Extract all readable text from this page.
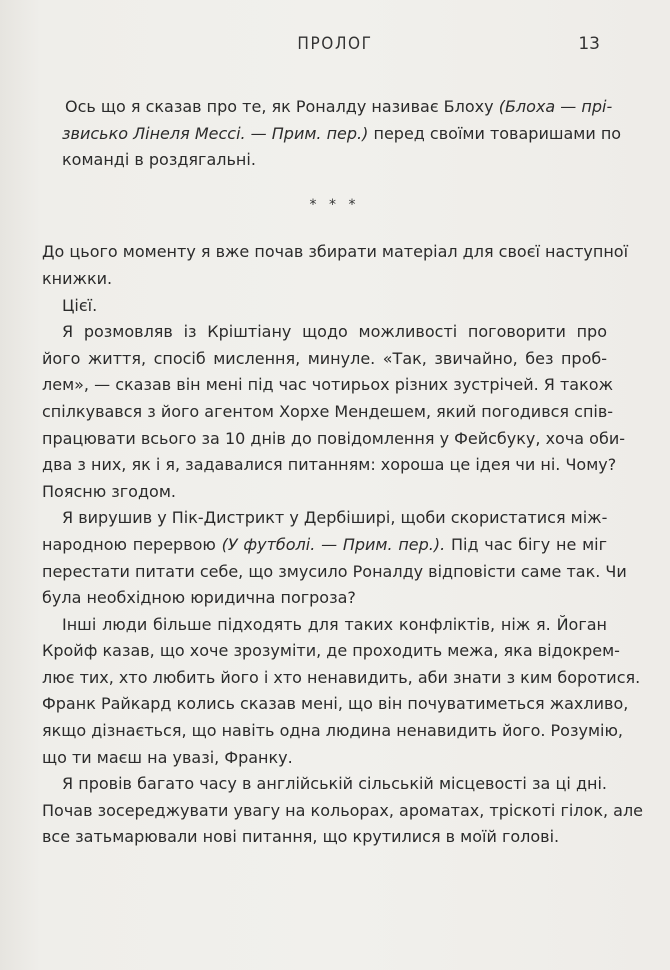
ПРОЛОГ	13

Ось що я сказав про те, як Роналду називає Блоху (Блоха — прі-
звисько Лінеля Мессі. — Прим. пер.) перед своїми товаришами по
команді в роздягальні.

* * *

До цього моменту я вже почав збирати матеріал для своєї наступної
книжки.

Цієї.

Я розмовляв із Кріштіану щодо можливості поговорити про
його життя, спосіб мислення, минуле. «Так, звичайно, без проб-
лем», — сказав він мені під час чотирьох різних зустрічей. Я також
спілкувався з його агентом Хорхе Мендешем, який погодився спів-
працювати всього за 10 днів до повідомлення у Фейсбуку, хоча оби-
два з них, як і я, задавалися питанням: хороша це ідея чи ні. Чому?
Поясню згодом.

Я вирушив у Пік-Дистрикт у Дербіширі, щоби скористатися між-
народною перервою (У футболі. — Прим. пер.). Під час бігу не міг
перестати питати себе, що змусило Роналду відповісти саме так. Чи
була необхідною юридична погроза?

Інші люди більше підходять для таких конфліктів, ніж я. Йоган
Кройф казав, що хоче зрозуміти, де проходить межа, яка відокрем-
лює тих, хто любить його і хто ненавидить, аби знати з ким боротися.
Франк Райкард колись сказав мені, що він почуватиметься жахливо,
якщо дізнається, що навіть одна людина ненавидить його. Розумію,
що ти маєш на увазі, Франку.

Я провів багато часу в англійській сільській місцевості за ці дні.
Почав зосереджувати увагу на кольорах, ароматах, тріскоті гілок, але
все затьмарювали нові питання, що крутилися в моїй голові.
